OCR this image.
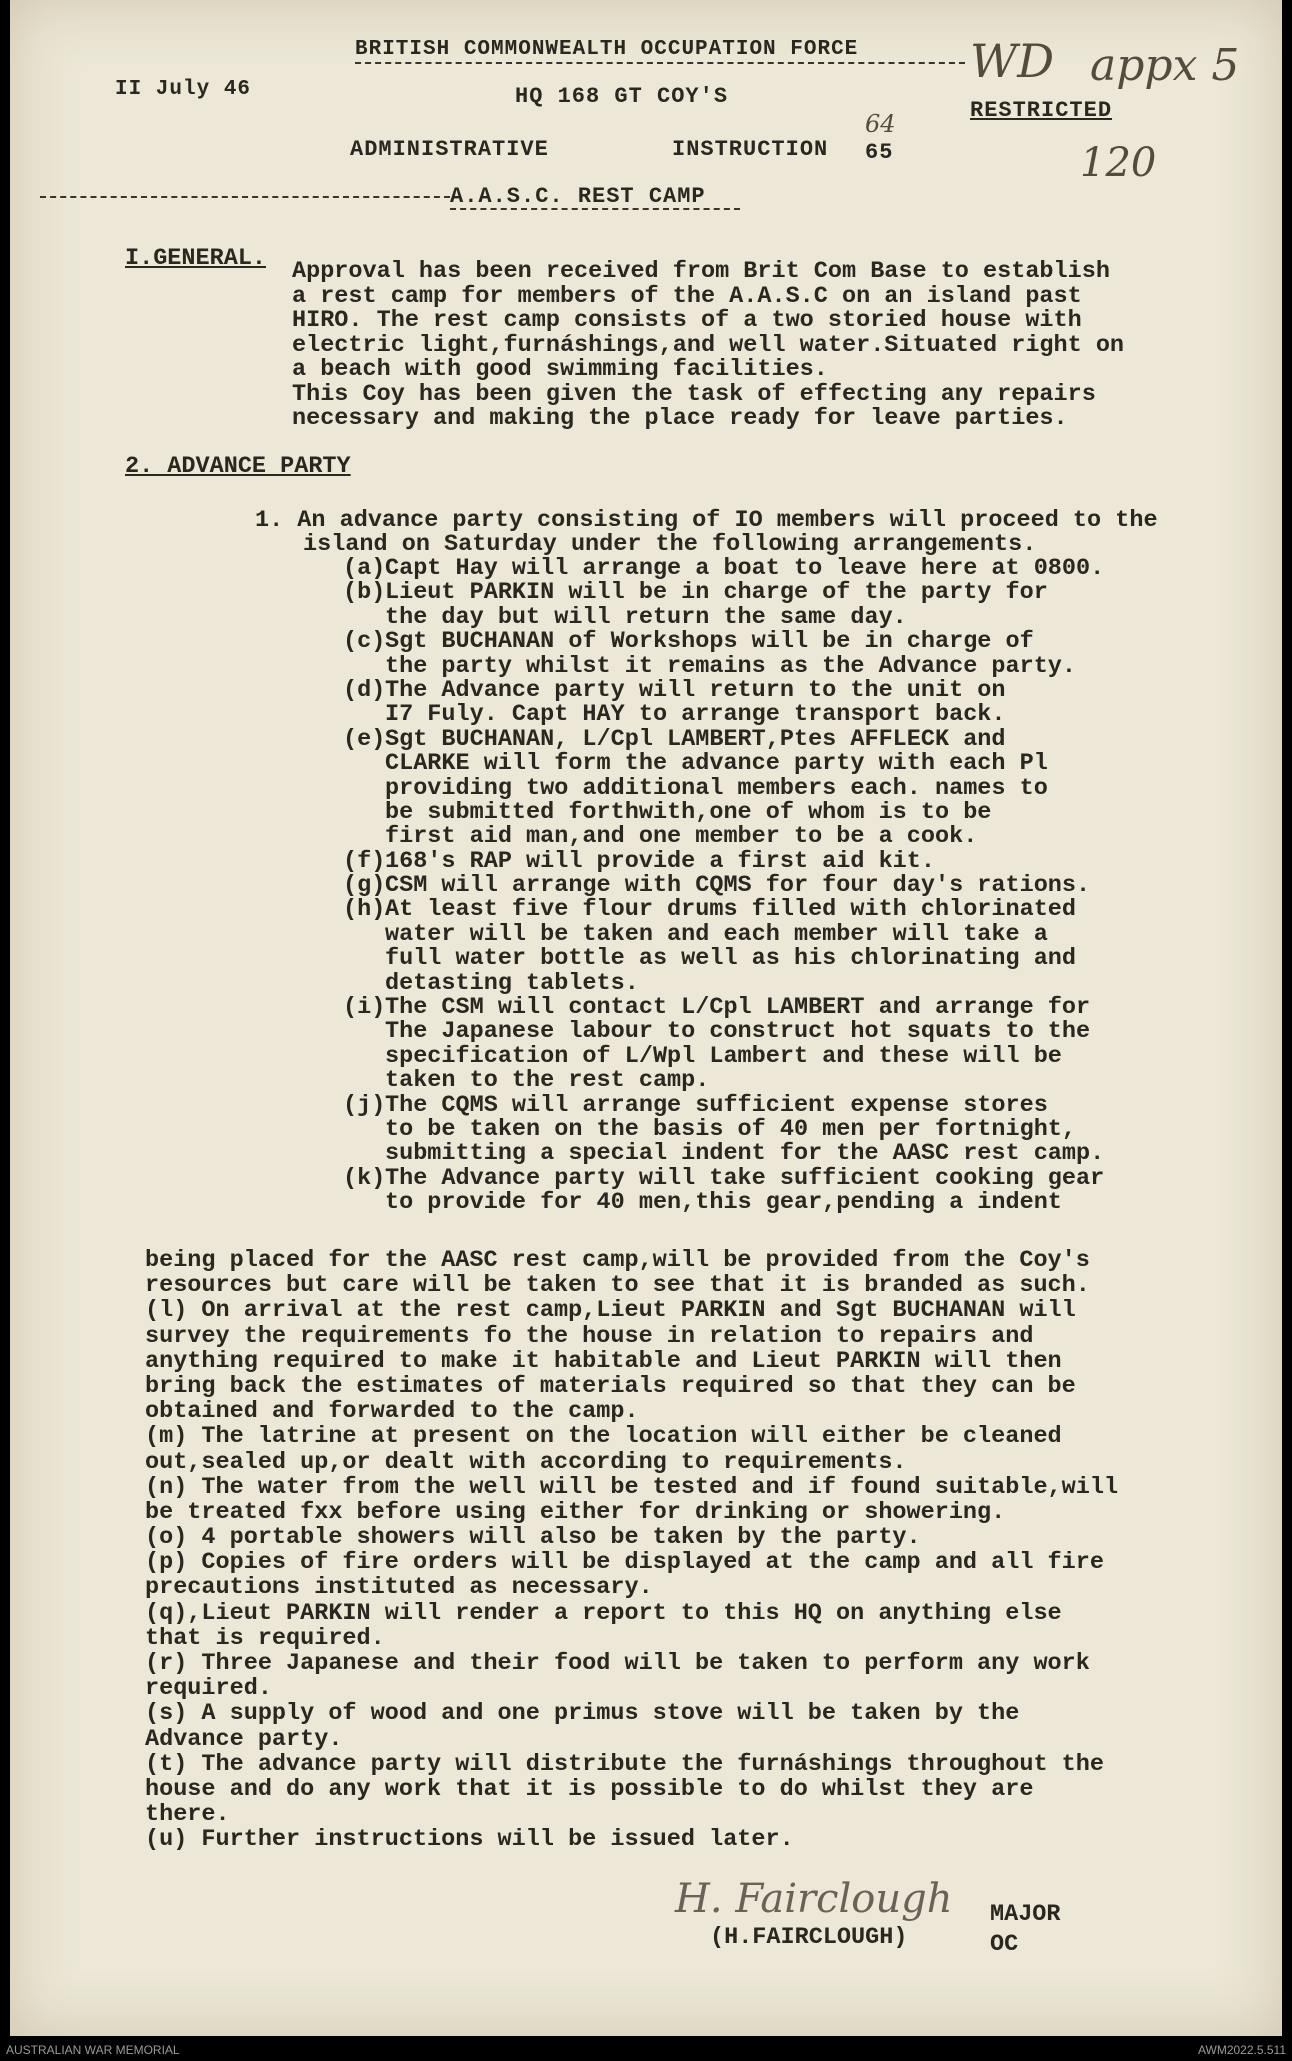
BRITISH COMMONWEALTH OCCUPATION FORCE
II July 46	HQ 168 GT COY'S
RESTRICTED
ADMINISTRATIVE	INSTRUCTION 65
A.A.S.C. REST CAMP
WD appx 5
120
64
I.GENERAL. Approval has been received from Brit Com Base to establish
a rest camp for members of the A.A.S.C on an island past
HIRO. The rest camp consists of a two storied house with
electric light,furnáshings,and well water.Situated right on
a beach with good swimming facilities.
This Coy has been given the task of effecting any repairs
necessary and making the place ready for leave parties.
2. ADVANCE PARTY
1. An advance party consisting of IO members will proceed to the
island on Saturday under the following arrangements.
(a) Capt Hay will arrange a boat to leave here at 0800.
(b) Lieut PARKIN will be in charge of the party for
the day but will return the same day.
(c) Sgt BUCHANAN of Workshops will be in charge of
the party whilst it remains as the Advance party.
(d) The Advance party will return to the unit on
I7 Fuly. Capt HAY to arrange transport back.
(e) Sgt BUCHANAN, L/Cpl LAMBERT,Ptes AFFLECK and
CLARKE will form the advance party with each Pl
providing two additional members each. names to
be submitted forthwith,one of whom is to be
first aid man,and one member to be a cook.
(f) 168's RAP will provide a first aid kit.
(g) CSM will arrange with CQMS for four day's rations.
(h) At least five flour drums filled with chlorinated
water will be taken and each member will take a
full water bottle as well as his chlorinating and
detasting tablets.
(i) The CSM will contact L/Cpl LAMBERT and arrange for
The Japanese labour to construct hot squats to the
specification of L/Wpl Lambert and these will be
taken to the rest camp.
(j) The CQMS will arrange sufficient expense stores
to be taken on the basis of 40 men per fortnight,
submitting a special indent for the AASC rest camp.
(k) The Advance party will take sufficient cooking gear
to provide for 40 men,this gear,pending a indent
being placed for the AASC rest camp,will be provided from the Coy's
resources but care will be taken to see that it is branded as such.
(l) On arrival at the rest camp,Lieut PARKIN and Sgt BUCHANAN will
survey the requirements fo the house in relation to repairs and
anything required to make it habitable and Lieut PARKIN will then
bring back the estimates of materials required so that they can be
obtained and forwarded to the camp.
(m) The latrine at present on the location will either be cleaned
out,sealed up,or dealt with according to requirements.
(n) The water from the well will be tested and if found suitable,will
be treated fxx before using either for drinking or showering.
(o) 4 portable showers will also be taken by the party.
(p) Copies of fire orders will be displayed at the camp and all fire
precautions instituted as necessary.
(q),Lieut PARKIN will render a report to this HQ on anything else
that is required.
(r) Three Japanese and their food will be taken to perform any work
required.
(s) A supply of wood and one primus stove will be taken by the
Advance party.
(t) The advance party will distribute the furnáshings throughout the
house and do any work that it is possible to do whilst they are
there.
(u) Further instructions will be issued later.
H. Fairclough
(H.FAIRCLOUGH)
MAJOR
OC
AUSTRALIAN WAR MEMORIAL	AWM2022.5.511
